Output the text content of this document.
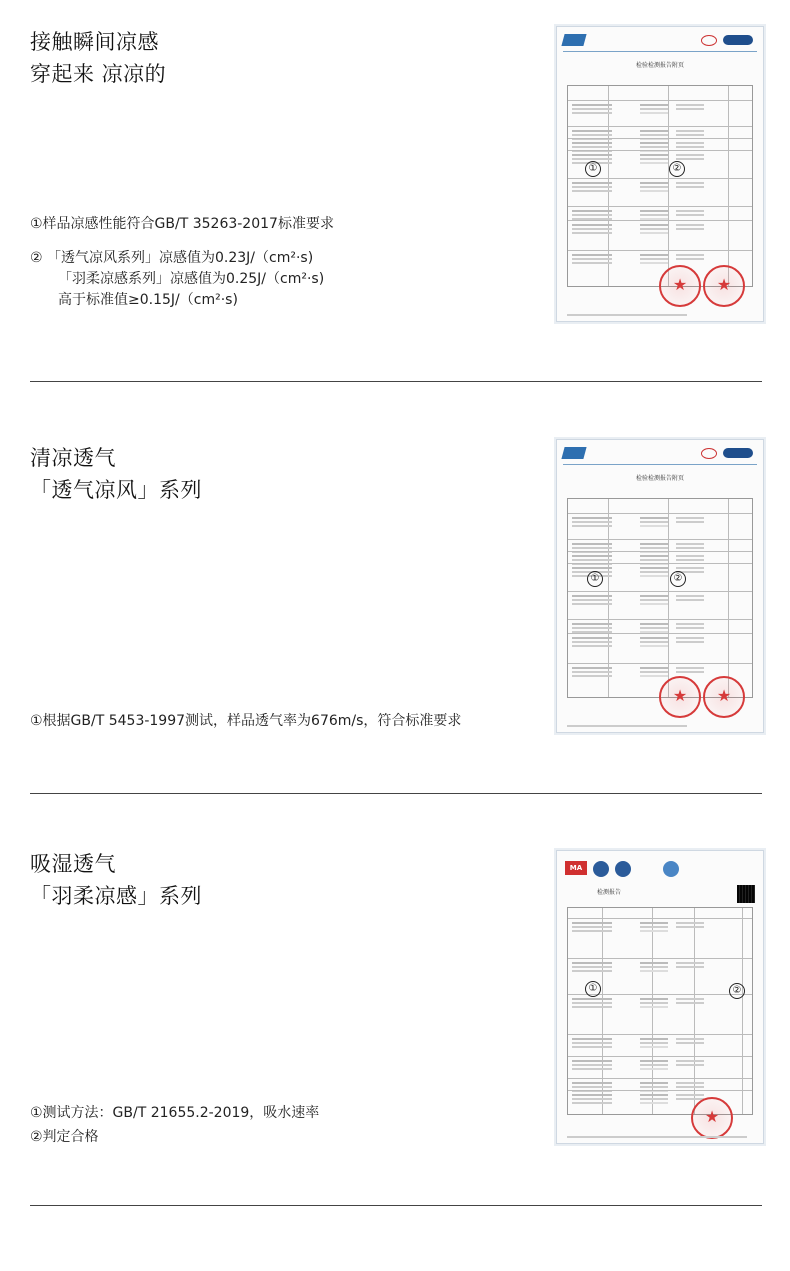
接触瞬间凉感
穿起来 凉凉的
①样品凉感性能符合GB/T 35263-2017标准要求
② 「透气凉风系列」凉感值为0.23J/（cm²·s)
「羽柔凉感系列」凉感值为0.25J/（cm²·s)
高于标准值≥0.15J/（cm²·s)
检验检测报告附页
①	②
★
★
清凉透气
「透气凉风」系列
①根据GB/T 5453-1997测试，样品透气率为676m/s，符合标准要求
检验检测报告附页
①	②
★
★
吸湿透气
「羽柔凉感」系列
①测试方法：GB/T 21655.2-2019，吸水速率
②判定合格
MA
检测报告
①	②
★
